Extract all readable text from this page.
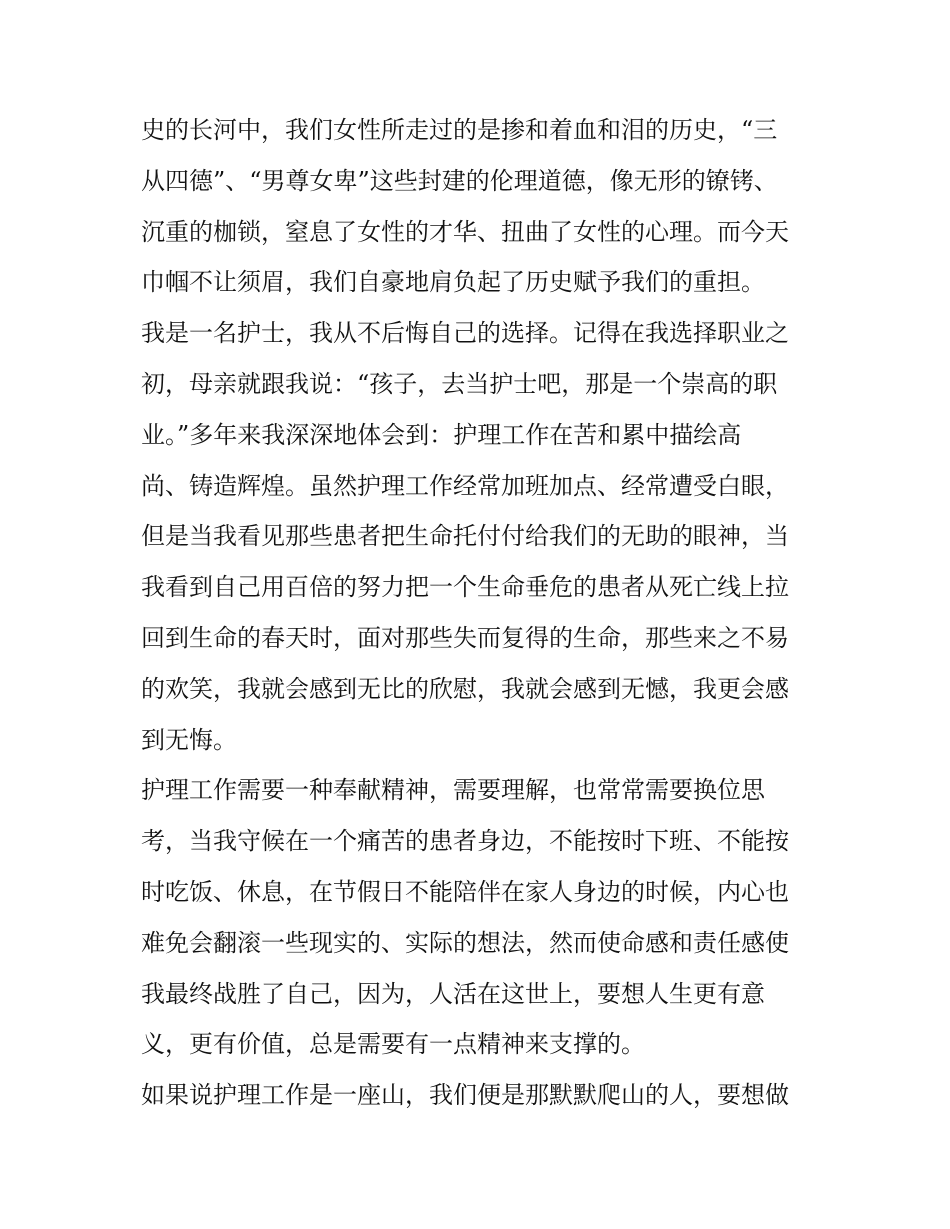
史的长河中，我们女性所走过的是掺和着血和泪的历史，“三
从四德”、“男尊女卑”这些封建的伦理道德，像无形的镣铐、
沉重的枷锁，窒息了女性的才华、扭曲了女性的心理。而今天
巾帼不让须眉，我们自豪地肩负起了历史赋予我们的重担。
我是一名护士，我从不后悔自己的选择。记得在我选择职业之
初，母亲就跟我说：“孩子，去当护士吧，那是一个崇高的职
业。”多年来我深深地体会到：护理工作在苦和累中描绘高
尚、铸造辉煌。虽然护理工作经常加班加点、经常遭受白眼，
但是当我看见那些患者把生命托付付给我们的无助的眼神，当
我看到自己用百倍的努力把一个生命垂危的患者从死亡线上拉
回到生命的春天时，面对那些失而复得的生命，那些来之不易
的欢笑，我就会感到无比的欣慰，我就会感到无憾，我更会感
到无悔。
护理工作需要一种奉献精神，需要理解，也常常需要换位思
考，当我守候在一个痛苦的患者身边，不能按时下班、不能按
时吃饭、休息，在节假日不能陪伴在家人身边的时候，内心也
难免会翻滚一些现实的、实际的想法，然而使命感和责任感使
我最终战胜了自己，因为，人活在这世上，要想人生更有意
义，更有价值，总是需要有一点精神来支撑的。
如果说护理工作是一座山，我们便是那默默爬山的人，要想做
